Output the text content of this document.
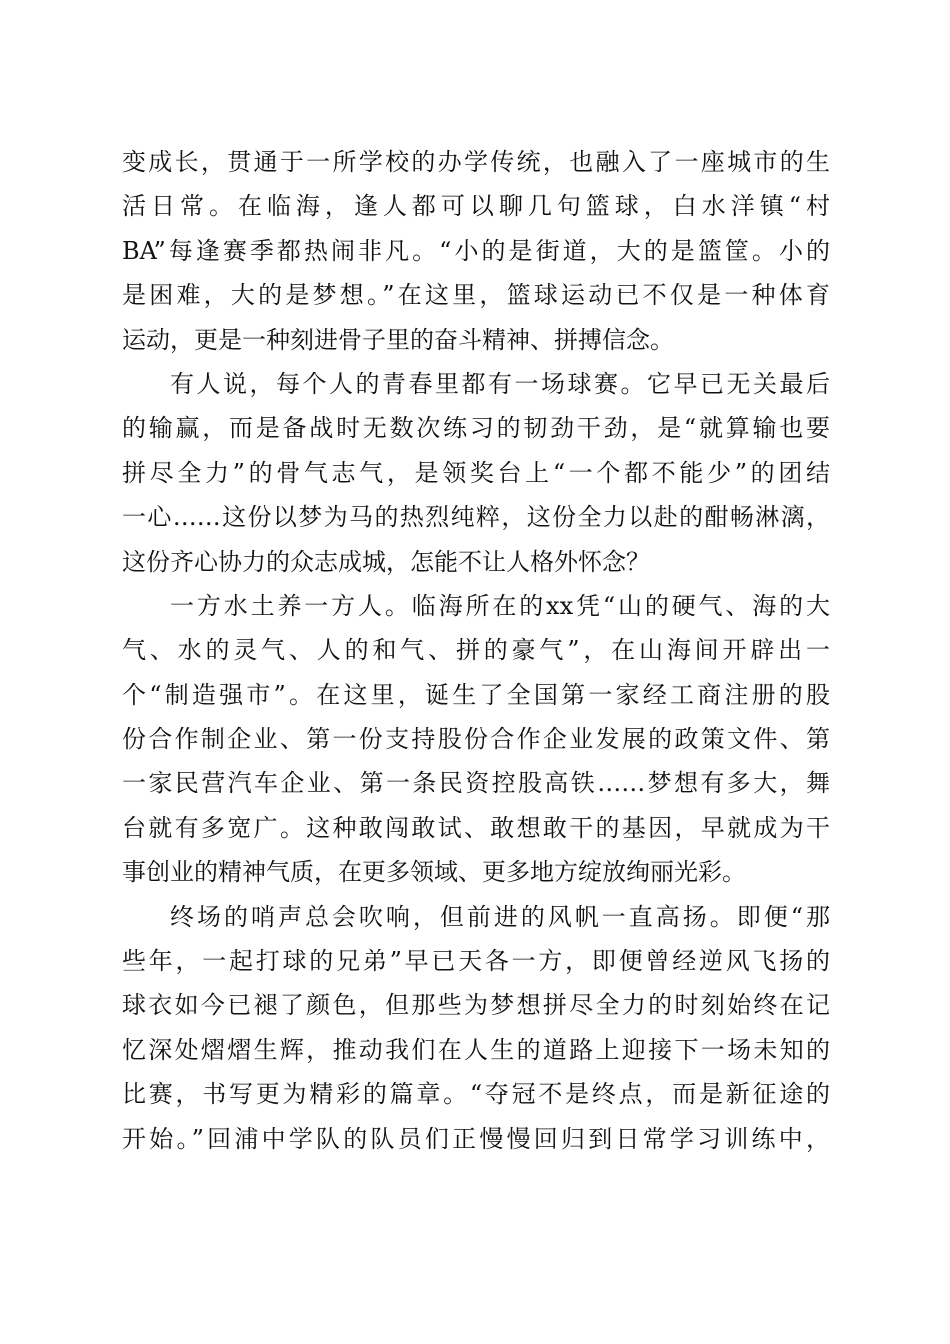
变成长，贯通于一所学校的办学传统，也融入了一座城市的生
活日常。在临海，逢人都可以聊几句篮球，白水洋镇“村
BA”每逢赛季都热闹非凡。“小的是街道，大的是篮筐。小的
是困难，大的是梦想。”在这里，篮球运动已不仅是一种体育
运动，更是一种刻进骨子里的奋斗精神、拼搏信念。
有人说，每个人的青春里都有一场球赛。它早已无关最后
的输赢，而是备战时无数次练习的韧劲干劲，是“就算输也要
拼尽全力”的骨气志气，是领奖台上“一个都不能少”的团结
一心……这份以梦为马的热烈纯粹，这份全力以赴的酣畅淋漓，
这份齐心协力的众志成城，怎能不让人格外怀念？
一方水土养一方人。临海所在的xx凭“山的硬气、海的大
气、水的灵气、人的和气、拼的豪气”，在山海间开辟出一
个“制造强市”。在这里，诞生了全国第一家经工商注册的股
份合作制企业、第一份支持股份合作企业发展的政策文件、第
一家民营汽车企业、第一条民资控股高铁……梦想有多大，舞
台就有多宽广。这种敢闯敢试、敢想敢干的基因，早就成为干
事创业的精神气质，在更多领域、更多地方绽放绚丽光彩。
终场的哨声总会吹响，但前进的风帆一直高扬。即便“那
些年，一起打球的兄弟”早已天各一方，即便曾经逆风飞扬的
球衣如今已褪了颜色，但那些为梦想拼尽全力的时刻始终在记
忆深处熠熠生辉，推动我们在人生的道路上迎接下一场未知的
比赛，书写更为精彩的篇章。“夺冠不是终点，而是新征途的
开始。”回浦中学队的队员们正慢慢回归到日常学习训练中，
